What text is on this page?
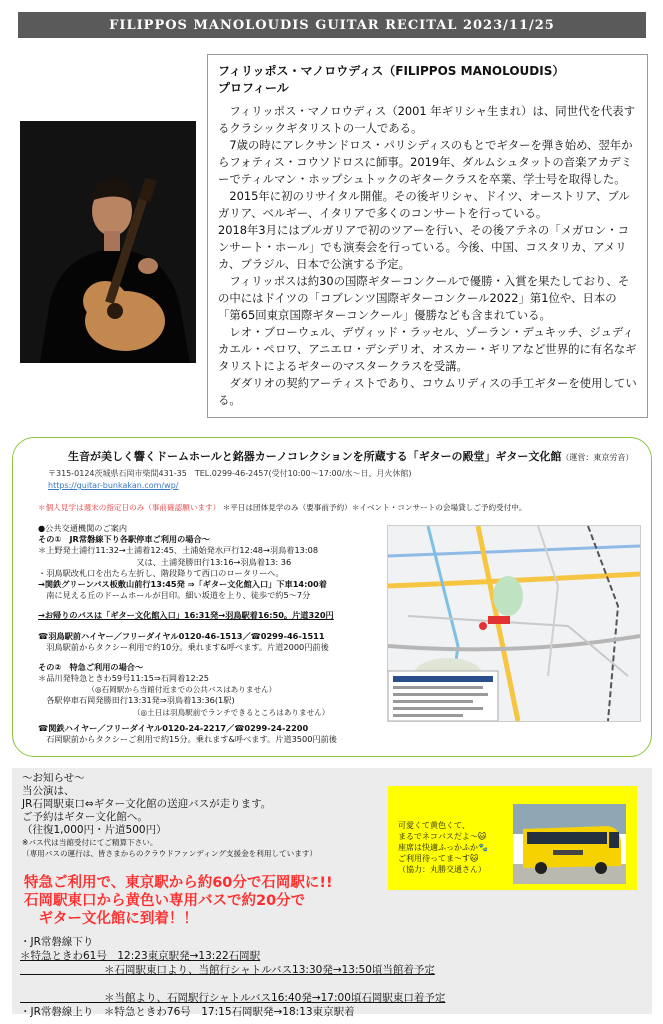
FILIPPOS MANOLOUDIS GUITAR RECITAL 2023/11/25
フィリッポス・マノロウディス（FILIPPOS MANOLOUDIS）
プロフィール

フィリッポス・マノロウディス（2001 年ギリシャ生まれ）は、同世代を代表するクラシックギタリストの一人である。

7歳の時にアレクサンドロス・パリシディスのもとでギターを弾き始め、翌年からフォティス・コウソドロスに師事。2019年、ダルムシュタットの音楽アカデミーでティルマン・ホップシュトックのギタークラスを卒業、学士号を取得した。

2015年に初のリサイタル開催。その後ギリシャ、ドイツ、オーストリア、ブルガリア、ベルギー、イタリアで多くのコンサートを行っている。

2018年3月にはブルガリアで初のツアーを行い、その後アテネの「メガロン・コンサート・ホール」でも演奏会を行っている。今後、中国、コスタリカ、アメリカ、ブラジル、日本で公演する予定。

フィリッポスは約30の国際ギターコンクールで優勝・入賞を果たしており、その中にはドイツの「コブレンツ国際ギターコンクール2022」第1位や、日本の「第65回東京国際ギターコンクール」優勝なども含まれている。

レオ・ブローウェル、デヴィッド・ラッセル、ゾーラン・デュキッチ、ジュディカエル・ペロワ、アニエロ・デシデリオ、オスカー・ギリアなど世界的に有名なギタリストによるギターのマスタークラスを受講。

ダダリオの契約アーティストであり、コウムリディスの手工ギターを使用している。

生音が美しく響くドームホールと銘器カーノコレクションを所蔵する「ギターの殿堂」ギター文化館（運営：東京労音）
〒315-0124茨城県石岡市柴間431-35　TEL.0299-46-2457(受付10:00～17:00/水～日、月火休館)
https://guitar-bunkakan.com/wp/
＊個人見学は週末の指定日のみ（事前確認願います） ＊平日は団体見学のみ（要事前予約）＊イベント・コンサートの会場貸しご予約受付中。
●公共交通機関のご案内
その①　JR常磐線下り各駅停車ご利用の場合～
＊上野発土浦行11:32→土浦着12:45、土浦始発水戸行12:48→羽鳥着13:08
　　　　　　　　　　　　又は、土浦発勝田行13:16→羽鳥着13: 36
・羽鳥駅改札口を出たら左折し、階段降りて西口のロータリーへ。
→関鉄グリーンバス板敷山前行13:45発 ⇒「ギター文化館入口」下車14:00着
　南に見える丘のドームホールが目印。細い坂道を上り、徒歩で約5～7分
→お帰りのバスは「ギター文化館入口」16:31発→羽鳥駅着16:50。片道320円
☎羽鳥駅前ハイヤー／フリーダイヤル0120-46-1513／☎0299-46-1511
　羽鳥駅前からタクシー利用で約10分。乗れます&呼べます。片道2000円前後
その②　特急ご利用の場合～
＊品川発特急ときわ59号11:15⇒石岡着12:25
　　　　　　　（◎石岡駅から当館付近までの公共バスはありません）
　各駅停車石岡発勝田行13:31発⇒羽鳥着13:36(1駅)
　　　　　　　　　　　　　（◎土日は羽鳥駅前でランチできるところはありません）
☎関鉄ハイヤー／フリーダイヤル0120-24-2217／☎0299-24-2200
　石岡駅前からタクシーご利用で約15分。乗れます&呼べます。片道3500円前後
～お知らせ～
当公演は、
JR石岡駅東口⇔ギター文化館の送迎バスが走ります。
ご予約はギター文化館へ。
（往復1,000円・片道500円）
※バス代は当館受付にてご精算下さい。
（専用バスの運行は、皆さまからのクラウドファンディング支援金を利用しています）
特急ご利用で、東京駅から約60分で石岡駅に!!
石岡駅東口から黄色い専用バスで約20分で
　ギター文化館に到着！！
・JR常磐線下り
＊特急ときわ61号　12:23東京駅発→13:22石岡駅
　　　　　　　　＊石岡駅東口より、当館行シャトルバス13:30発→13:50頃当館着予定
　　　　　　　　＊当館より、石岡駅行シャトルバス16:40発→17:00頃石岡駅東口着予定
・JR常磐線上り　＊特急ときわ76号　17:15石岡駅発→18:13東京駅着
可愛くて黄色くて、
まるでネコバスだよ～🐱
座席は快適ふっかふか🐾
ご利用待ってま～す🐱
（協力：丸勝交通さん）
